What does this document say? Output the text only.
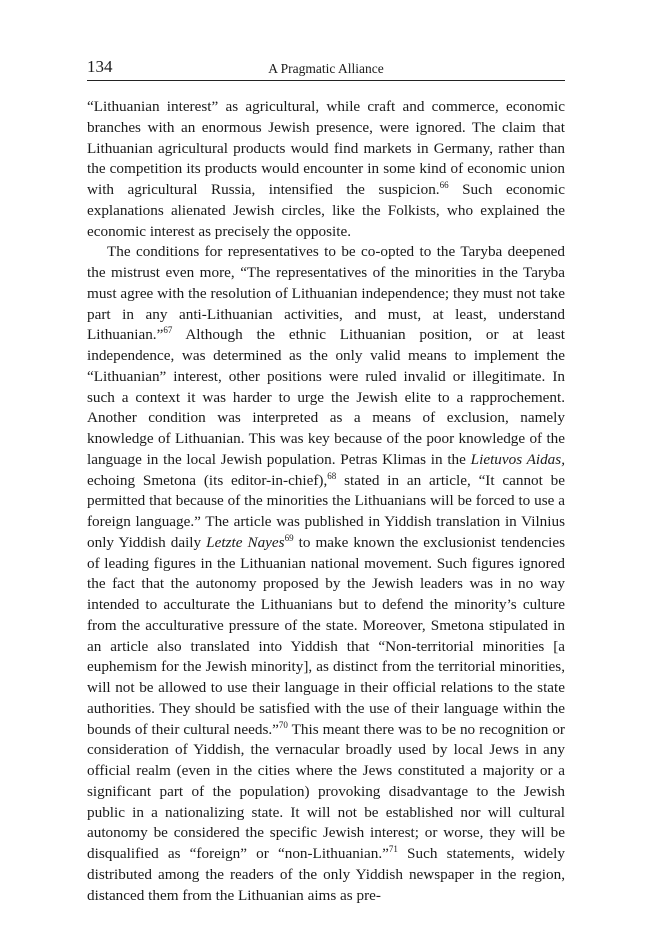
134	A Pragmatic Alliance

“Lithuanian interest” as agricultural, while craft and commerce, economic branches with an enormous Jewish presence, were ignored. The claim that Lithuanian agricultural products would find markets in Germany, rather than the competition its products would encounter in some kind of economic union with agricultural Russia, intensified the suspicion.$^{66}$ Such economic explanations alienated Jewish circles, like the Folkists, who explained the economic interest as precisely the opposite.

The conditions for representatives to be co-opted to the Taryba deepened the mistrust even more, “The representatives of the minorities in the Taryba must agree with the resolution of Lithuanian independence; they must not take part in any anti-Lithuanian activities, and must, at least, understand Lithuanian.”$^{67}$ Although the ethnic Lithuanian position, or at least independence, was determined as the only valid means to implement the “Lithuanian” interest, other positions were ruled invalid or illegitimate. In such a context it was harder to urge the Jewish elite to a rapprochement. Another condition was interpreted as a means of exclusion, namely knowledge of Lithuanian. This was key because of the poor knowledge of the language in the local Jewish population. Petras Klimas in the Lietuvos Aidas, echoing Smetona (its editor-in-chief),$^{68}$ stated in an article, “It cannot be permitted that because of the minorities the Lithuanians will be forced to use a foreign language.” The article was published in Yiddish translation in Vilnius only Yiddish daily Letzte Nayes$^{69}$ to make known the exclusionist tendencies of leading figures in the Lithuanian national movement. Such figures ignored the fact that the autonomy proposed by the Jewish leaders was in no way intended to acculturate the Lithuanians but to defend the minority’s culture from the acculturative pressure of the state. Moreover, Smetona stipulated in an article also translated into Yiddish that “Non-territorial minorities [a euphemism for the Jewish minority], as distinct from the territorial minorities, will not be allowed to use their language in their official relations to the state authorities. They should be satisfied with the use of their language within the bounds of their cultural needs.”$^{70}$ This meant there was to be no recognition or consideration of Yiddish, the vernacular broadly used by local Jews in any official realm (even in the cities where the Jews constituted a majority or a significant part of the population) provoking disadvantage to the Jewish public in a nationalizing state. It will not be established nor will cultural autonomy be considered the specific Jewish interest; or worse, they will be disqualified as “foreign” or “non-Lithuanian.”$^{71}$ Such statements, widely distributed among the readers of the only Yiddish newspaper in the region, distanced them from the Lithuanian aims as pre-
